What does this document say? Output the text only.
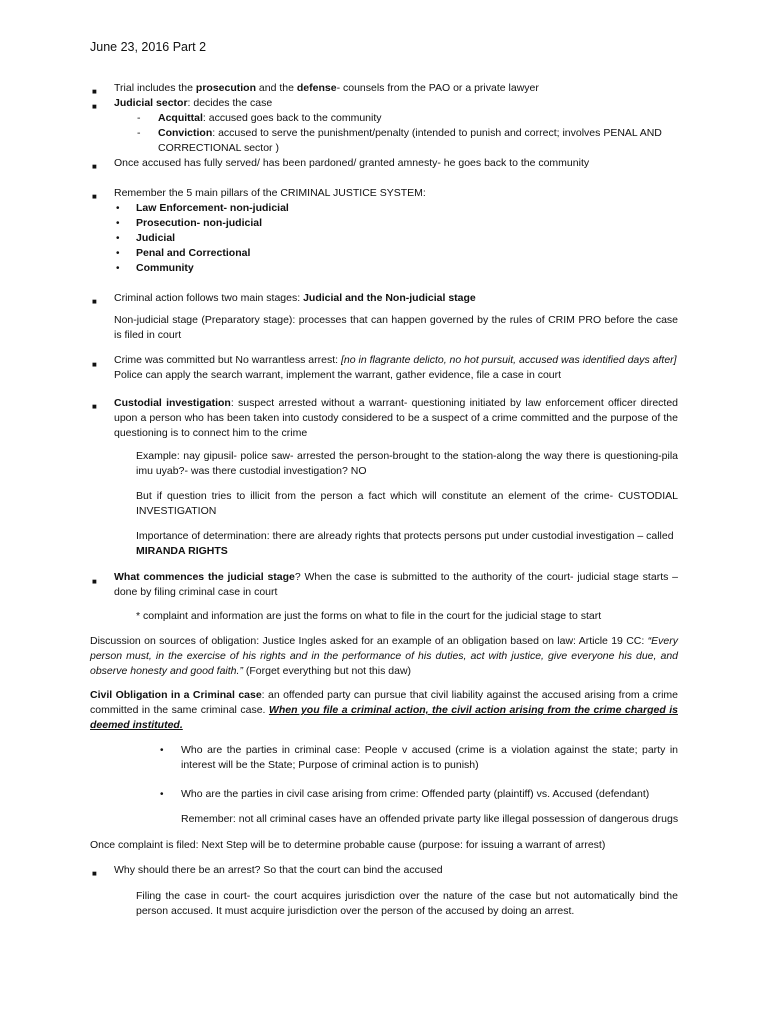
June 23, 2016 Part 2
■ Trial includes the prosecution and the defense- counsels from the PAO or a private lawyer
■ Judicial sector: decides the case
- Acquittal: accused goes back to the community
- Conviction: accused to serve the punishment/penalty (intended to punish and correct; involves PENAL AND
CORRECTIONAL sector )
■ Once accused has fully served/ has been pardoned/ granted amnesty- he goes back to the community
■ Remember the 5 main pillars of the CRIMINAL JUSTICE SYSTEM:
• Law Enforcement- non-judicial
• Prosecution- non-judicial
• Judicial
• Penal and Correctional
• Community
■ Criminal action follows two main stages: Judicial and the Non-judicial stage
Non-judicial stage (Preparatory stage): processes that can happen governed by the rules of CRIM PRO before the case is filed in court
■ Crime was committed but No warrantless arrest: [no in flagrante delicto, no hot pursuit, accused was identified days after]
Police can apply the search warrant, implement the warrant, gather evidence, file a case in court
■ Custodial investigation: suspect arrested without a warrant- questioning initiated by law enforcement officer directed upon a person who has been taken into custody considered to be a suspect of a crime committed and the purpose of the questioning is to connect him to the crime
Example: nay gipusil- police saw- arrested the person-brought to the station-along the way there is questioning-pila imu uyab?- was there custodial investigation? NO
But if question tries to illicit from the person a fact which will constitute an element of the crime- CUSTODIAL INVESTIGATION
Importance of determination: there are already rights that protects persons put under custodial investigation – called
MIRANDA RIGHTS
■ What commences the judicial stage? When the case is submitted to the authority of the court- judicial stage starts – done by filing criminal case in court
* complaint and information are just the forms on what to file in the court for the judicial stage to start
Discussion on sources of obligation: Justice Ingles asked for an example of an obligation based on law: Article 19 CC: “Every person must, in the exercise of his rights and in the performance of his duties, act with justice, give everyone his due, and observe honesty and good faith.” (Forget everything but not this daw)
Civil Obligation in a Criminal case: an offended party can pursue that civil liability against the accused arising from a crime committed in the same criminal case. When you file a criminal action, the civil action arising from the crime charged is deemed instituted.
• Who are the parties in criminal case: People v accused (crime is a violation against the state; party in interest will be the State; Purpose of criminal action is to punish)
• Who are the parties in civil case arising from crime: Offended party (plaintiff) vs. Accused (defendant)
Remember: not all criminal cases have an offended private party like illegal possession of dangerous drugs
Once complaint is filed: Next Step will be to determine probable cause (purpose: for issuing a warrant of arrest)
■ Why should there be an arrest? So that the court can bind the accused
Filing the case in court- the court acquires jurisdiction over the nature of the case but not automatically bind the person accused. It must acquire jurisdiction over the person of the accused by doing an arrest.
